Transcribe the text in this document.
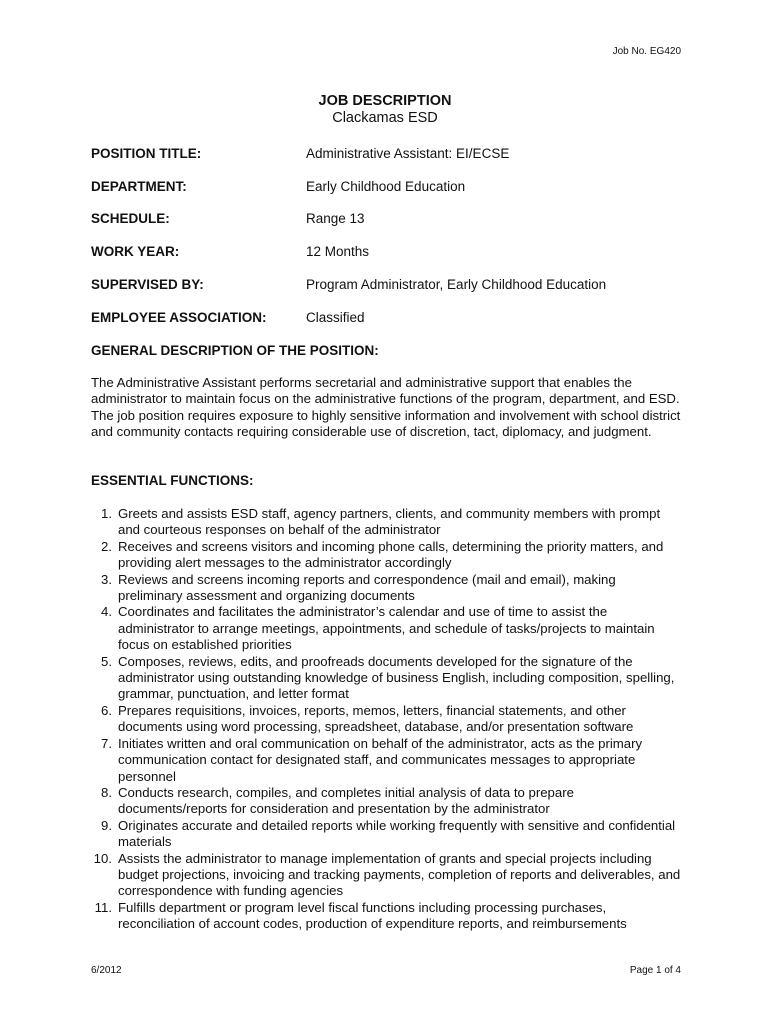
Job No. EG420
JOB DESCRIPTION
Clackamas ESD
POSITION TITLE:	Administrative Assistant: EI/ECSE
DEPARTMENT:	Early Childhood Education
SCHEDULE:	Range 13
WORK YEAR:	12 Months
SUPERVISED BY:	Program Administrator, Early Childhood Education
EMPLOYEE ASSOCIATION:	Classified
GENERAL DESCRIPTION OF THE POSITION:
The Administrative Assistant performs secretarial and administrative support that enables the administrator to maintain focus on the administrative functions of the program, department, and ESD. The job position requires exposure to highly sensitive information and involvement with school district and community contacts requiring considerable use of discretion, tact, diplomacy, and judgment.
ESSENTIAL FUNCTIONS:
1. Greets and assists ESD staff, agency partners, clients, and community members with prompt and courteous responses on behalf of the administrator
2. Receives and screens visitors and incoming phone calls, determining the priority matters, and providing alert messages to the administrator accordingly
3. Reviews and screens incoming reports and correspondence (mail and email), making preliminary assessment and organizing documents
4. Coordinates and facilitates the administrator’s calendar and use of time to assist the administrator to arrange meetings, appointments, and schedule of tasks/projects to maintain focus on established priorities
5. Composes, reviews, edits, and proofreads documents developed for the signature of the administrator using outstanding knowledge of business English, including composition, spelling, grammar, punctuation, and letter format
6. Prepares requisitions, invoices, reports, memos, letters, financial statements, and other documents using word processing, spreadsheet, database, and/or presentation software
7. Initiates written and oral communication on behalf of the administrator, acts as the primary communication contact for designated staff, and communicates messages to appropriate personnel
8. Conducts research, compiles, and completes initial analysis of data to prepare documents/reports for consideration and presentation by the administrator
9. Originates accurate and detailed reports while working frequently with sensitive and confidential materials
10. Assists the administrator to manage implementation of grants and special projects including budget projections, invoicing and tracking payments, completion of reports and deliverables, and correspondence with funding agencies
11. Fulfills department or program level fiscal functions including processing purchases, reconciliation of account codes, production of expenditure reports, and reimbursements
6/2012	Page 1 of 4
